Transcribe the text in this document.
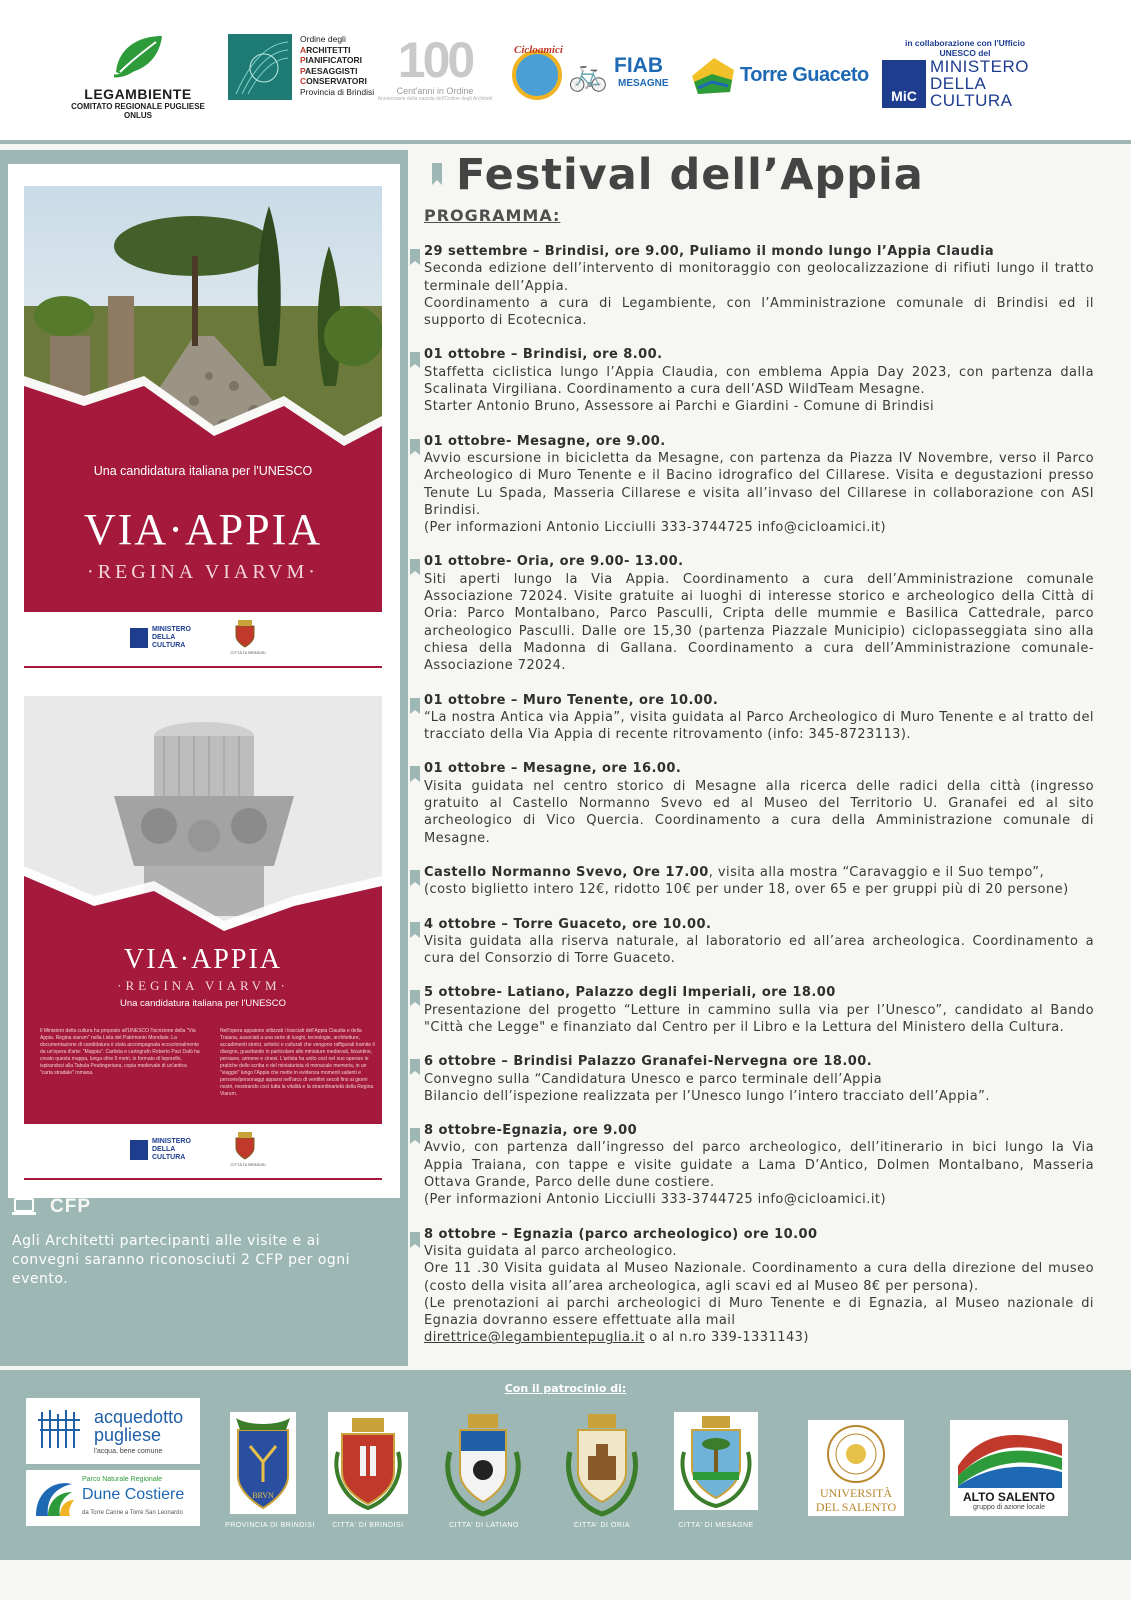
LEGAMBIENTE
COMITATO REGIONALE PUGLIESE ONLUS
Ordine degli
ARCHITETTI
PIANIFICATORI
PAESAGGISTI
CONSERVATORI
Provincia di Brindisi
100
Cent'anni in Ordine
Anniversario della nascita dell'Ordine degli Architetti
Cicloamici
🚲 FIAB
MESAGNE	Torre Guaceto
in collaborazione con l'Ufficio UNESCO del
MiC
MINISTERO
DELLA
CULTURA
Una candidatura italiana per l'UNESCO
VIA·APPIA
·REGINA VIARVM·
MINISTERO
DELLA
CULTURA
CITTÀ DI BRINDISI
VIA·APPIA
·REGINA VIARVM·
Una candidatura italiana per l'UNESCO
Il Ministero della cultura ha proposto all'UNESCO l'iscrizione della "Via Appia. Regina viarum" nella Lista del Patrimonio Mondiale. La documentazione di candidatura è stata accompagnata eccezionalmente da un'opera d'arte: "Mappia". Cartista e cartografo Roberto Paci Dalò ha creato questa mappa, lunga oltre 9 metri, in formato di leporello, ispirandosi alla Tabula Peutingeriana, copia medievale di un'antica "carta stradale" romana.
Nell'opera appaiono stilizzati i tracciati dell'Appia Claudia e della Traiana, associati a una serie di luoghi, tecnologie, architetture, accadimenti storici, artistici e culturali che vengono raffigurati tramite il disegno, guardando in particolare alle miniature medievali, bizantine, persiane, armene e cinesi. L'artista ha unito così nel suo operare le pratiche dello scriba e del miniaturista di monacale memoria, in un "viaggio" lungo l'Appia che mette in evidenza momenti salienti e persone/personaggi apparsi nell'arco di ventitré secoli fino ai giorni nostri, mostrando così tutta la vitalità e la straordinarietà della Regina Viarum.
MINISTERO
DELLA
CULTURA
CITTÀ DI BRINDISI
CFP
Agli Architetti partecipanti alle visite e ai convegni saranno riconosciuti 2 CFP per ogni evento.
Festival dell’Appia
PROGRAMMA:
29 settembre – Brindisi, ore 9.00, Puliamo il mondo lungo l’Appia Claudia
Seconda edizione dell’intervento di monitoraggio con geolocalizzazione di rifiuti lungo il tratto terminale dell’Appia.
Coordinamento a cura di Legambiente, con l’Amministrazione comunale di Brindisi ed il supporto di Ecotecnica.
01 ottobre – Brindisi, ore 8.00.
Staffetta ciclistica lungo l’Appia Claudia, con emblema Appia Day 2023, con partenza dalla Scalinata Virgiliana. Coordinamento a cura dell’ASD WildTeam Mesagne.
Starter Antonio Bruno, Assessore ai Parchi e Giardini - Comune di Brindisi
01 ottobre- Mesagne, ore 9.00.
Avvio escursione in bicicletta da Mesagne, con partenza da Piazza IV Novembre, verso il Parco Archeologico di Muro Tenente e il Bacino idrografico del Cillarese. Visita e degustazioni presso Tenute Lu Spada, Masseria Cillarese e visita all’invaso del Cillarese in collaborazione con ASI Brindisi.
(Per informazioni Antonio Licciulli 333-3744725 info@cicloamici.it)
01 ottobre- Oria, ore 9.00- 13.00.
Siti aperti lungo la Via Appia. Coordinamento a cura dell’Amministrazione comunale Associazione 72024. Visite gratuite ai luoghi di interesse storico e archeologico della Città di Oria: Parco Montalbano, Parco Pasculli, Cripta delle mummie e Basilica Cattedrale, parco archeologico Pasculli. Dalle ore 15,30 (partenza Piazzale Municipio) ciclopasseggiata sino alla chiesa della Madonna di Gallana. Coordinamento a cura dell’Amministrazione comunale-Associazione 72024.
01 ottobre – Muro Tenente, ore 10.00.
“La nostra Antica via Appia”, visita guidata al Parco Archeologico di Muro Tenente e al tratto del tracciato della Via Appia di recente ritrovamento (info: 345-8723113).
01 ottobre – Mesagne, ore 16.00.
Visita guidata nel centro storico di Mesagne alla ricerca delle radici della città (ingresso gratuito al Castello Normanno Svevo ed al Museo del Territorio U. Granafei ed al sito archeologico di Vico Quercia. Coordinamento a cura della Amministrazione comunale di Mesagne.
Castello Normanno Svevo, Ore 17.00, visita alla mostra “Caravaggio e il Suo tempo”,
(costo biglietto intero 12€, ridotto 10€ per under 18, over 65 e per gruppi più di 20 persone)
4 ottobre – Torre Guaceto, ore 10.00.
Visita guidata alla riserva naturale, al laboratorio ed all’area archeologica. Coordinamento a cura del Consorzio di Torre Guaceto.
5 ottobre- Latiano, Palazzo degli Imperiali, ore 18.00
Presentazione del progetto “Letture in cammino sulla via per l’Unesco”, candidato al Bando "Città che Legge" e finanziato dal Centro per il Libro e la Lettura del Ministero della Cultura.
6 ottobre – Brindisi Palazzo Granafei-Nervegna ore 18.00.
Convegno sulla “Candidatura Unesco e parco terminale dell’Appia
Bilancio dell’ispezione realizzata per l’Unesco lungo l’intero tracciato dell’Appia”.
8 ottobre-Egnazia, ore 9.00
Avvio, con partenza dall’ingresso del parco archeologico, dell’itinerario in bici lungo la Via Appia Traiana, con tappe e visite guidate a Lama D’Antico, Dolmen Montalbano, Masseria Ottava Grande, Parco delle dune costiere.
(Per informazioni Antonio Licciulli 333-3744725 info@cicloamici.it)
8 ottobre – Egnazia (parco archeologico) ore 10.00
Visita guidata al parco archeologico.
Ore 11 .30 Visita guidata al Museo Nazionale. Coordinamento a cura della direzione del museo (costo della visita all’area archeologica, agli scavi ed al Museo 8€ per persona).
(Le prenotazioni ai parchi archeologici di Muro Tenente e di Egnazia, al Museo nazionale di Egnazia dovranno essere effettuate alla mail
direttrice@legambientepuglia.it o al n.ro 339-1331143)
Con il patrocinio di:
acquedotto pugliese
l'acqua, bene comune
Parco Naturale Regionale
Dune Costiere
da Torre Canne a Torre San Leonardo
BRVN
PROVINCIA DI BRINDISI	CITTA' DI BRINDISI	CITTA' DI LATIANO	CITTA' DI ORIA	CITTA' DI MESAGNE
UNIVERSITÀ
DEL SALENTO
ALTO SALENTO
gruppo di azione locale
